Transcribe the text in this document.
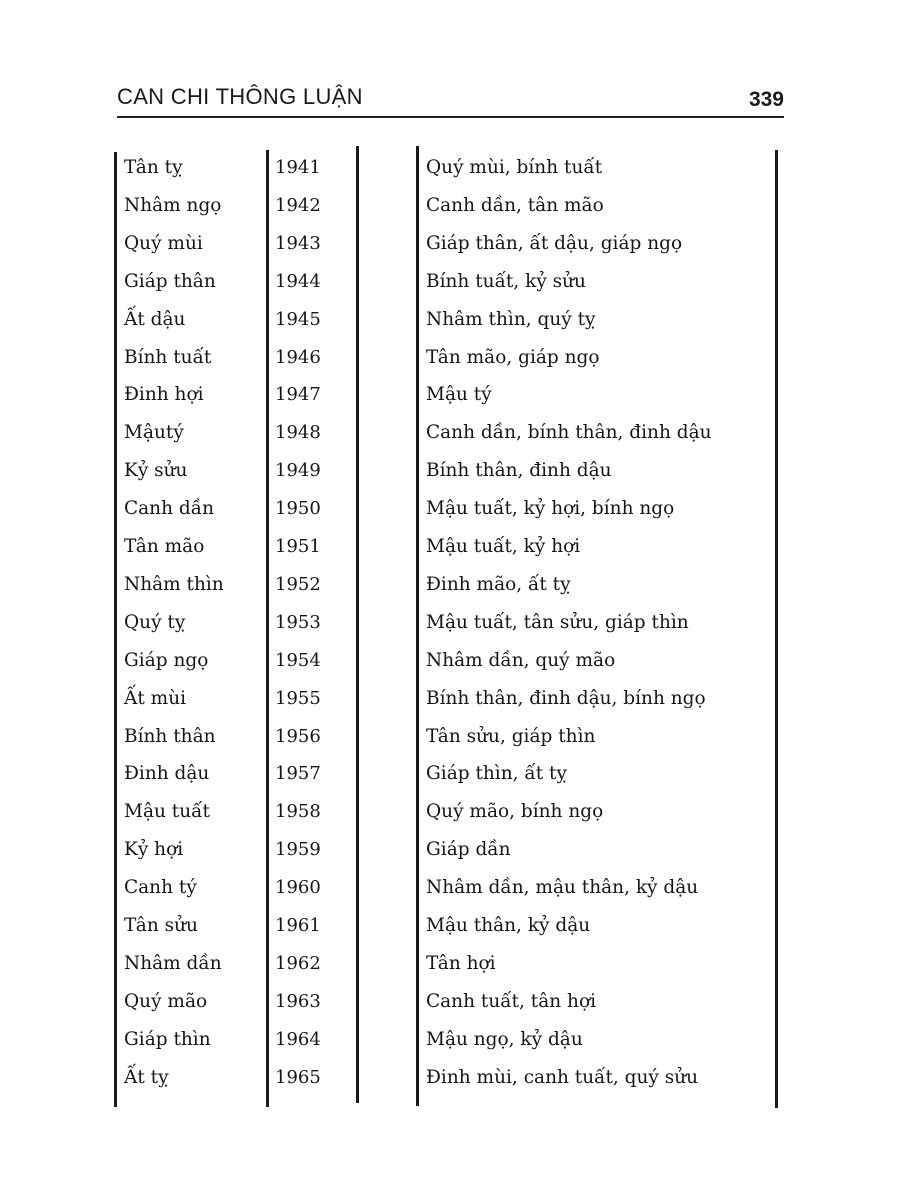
CAN CHI THÔNG LUẬN	339
Tân tỵ	1941	Quý mùi, bính tuất
Nhâm ngọ	1942	Canh dần, tân mão
Quý mùi	1943	Giáp thân, ất dậu, giáp ngọ
Giáp thân	1944	Bính tuất, kỷ sửu
Ất dậu	1945	Nhâm thìn, quý tỵ
Bính tuất	1946	Tân mão, giáp ngọ
Đinh hợi	1947	Mậu tý
Mậutý	1948	Canh dần, bính thân, đinh dậu
Kỷ sửu	1949	Bính thân, đinh dậu
Canh dần	1950	Mậu tuất, kỷ hợi, bính ngọ
Tân mão	1951	Mậu tuất, kỷ hợi
Nhâm thìn	1952	Đinh mão, ất tỵ
Quý tỵ	1953	Mậu tuất, tân sửu, giáp thìn
Giáp ngọ	1954	Nhâm dần, quý mão
Ất mùi	1955	Bính thân, đinh dậu, bính ngọ
Bính thân	1956	Tân sửu, giáp thìn
Đinh dậu	1957	Giáp thìn, ất tỵ
Mậu tuất	1958	Quý mão, bính ngọ
Kỷ hợi	1959	Giáp dần
Canh tý	1960	Nhâm dần, mậu thân, kỷ dậu
Tân sửu	1961	Mậu thân, kỷ dậu
Nhâm dần	1962	Tân hợi
Quý mão	1963	Canh tuất, tân hợi
Giáp thìn	1964	Mậu ngọ, kỷ dậu
Ất tỵ	1965	Đinh mùi, canh tuất, quý sửu
